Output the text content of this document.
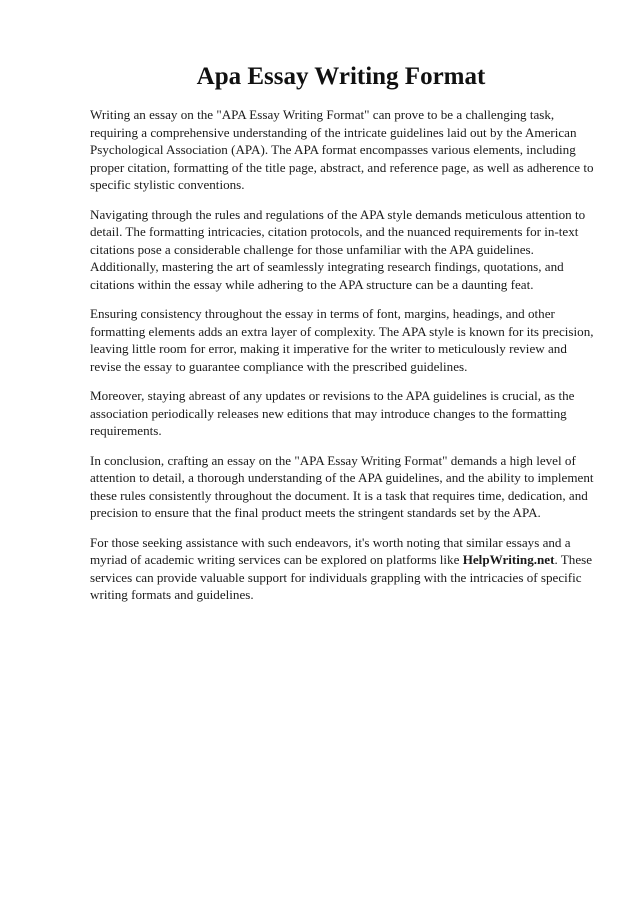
Apa Essay Writing Format

Writing an essay on the "APA Essay Writing Format" can prove to be a challenging task, requiring a comprehensive understanding of the intricate guidelines laid out by the American Psychological Association (APA). The APA format encompasses various elements, including proper citation, formatting of the title page, abstract, and reference page, as well as adherence to specific stylistic conventions.

Navigating through the rules and regulations of the APA style demands meticulous attention to detail. The formatting intricacies, citation protocols, and the nuanced requirements for in-text citations pose a considerable challenge for those unfamiliar with the APA guidelines. Additionally, mastering the art of seamlessly integrating research findings, quotations, and citations within the essay while adhering to the APA structure can be a daunting feat.

Ensuring consistency throughout the essay in terms of font, margins, headings, and other formatting elements adds an extra layer of complexity. The APA style is known for its precision, leaving little room for error, making it imperative for the writer to meticulously review and revise the essay to guarantee compliance with the prescribed guidelines.

Moreover, staying abreast of any updates or revisions to the APA guidelines is crucial, as the association periodically releases new editions that may introduce changes to the formatting requirements.

In conclusion, crafting an essay on the "APA Essay Writing Format" demands a high level of attention to detail, a thorough understanding of the APA guidelines, and the ability to implement these rules consistently throughout the document. It is a task that requires time, dedication, and precision to ensure that the final product meets the stringent standards set by the APA.

For those seeking assistance with such endeavors, it's worth noting that similar essays and a myriad of academic writing services can be explored on platforms like HelpWriting.net. These services can provide valuable support for individuals grappling with the intricacies of specific writing formats and guidelines.
